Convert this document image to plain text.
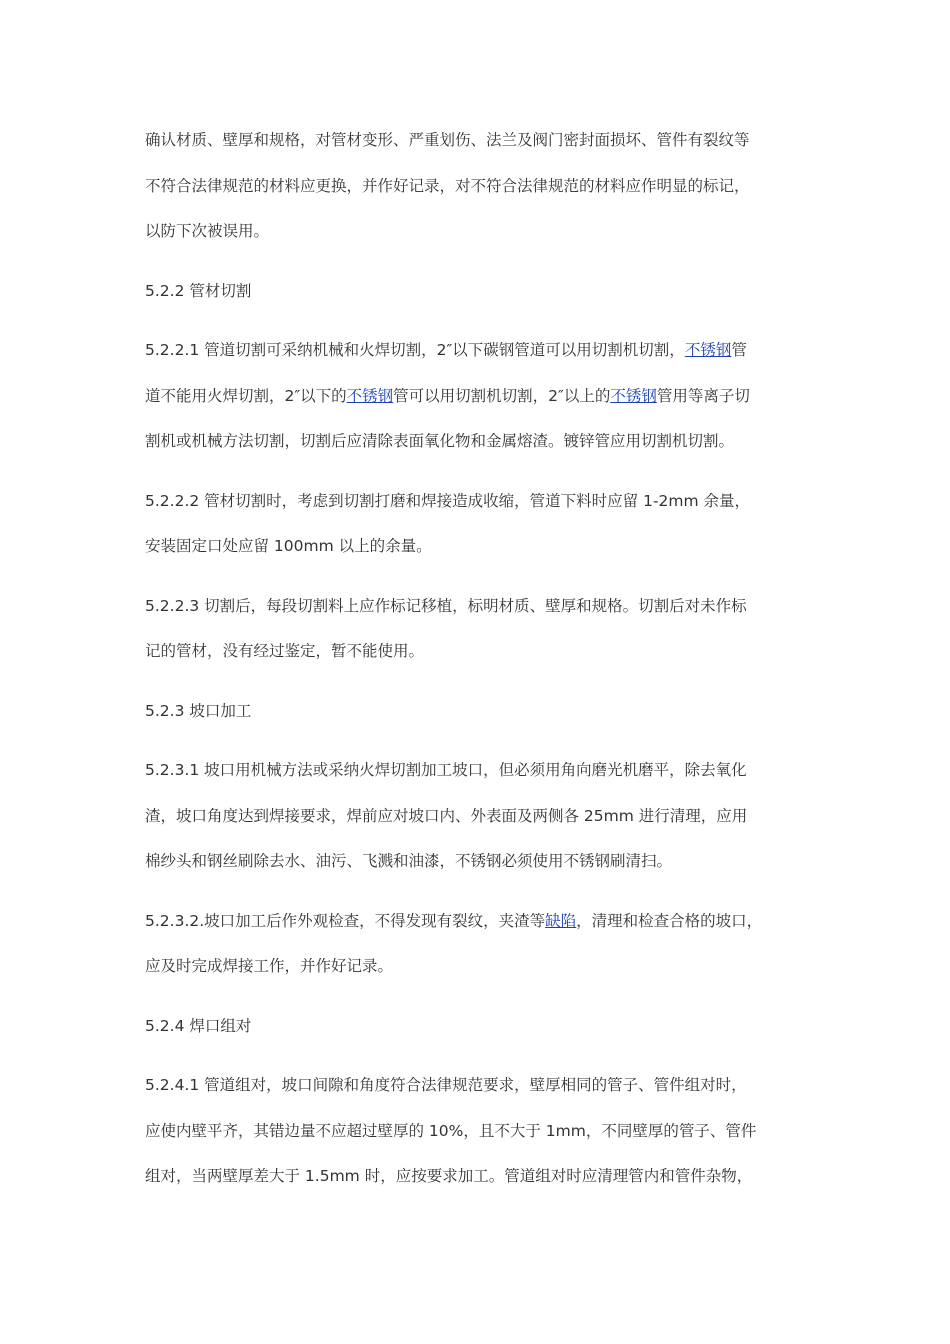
确认材质、壁厚和规格，对管材变形、严重划伤、法兰及阀门密封面损坏、管件有裂纹等
不符合法律规范的材料应更换，并作好记录，对不符合法律规范的材料应作明显的标记，
以防下次被误用。

5.2.2 管材切割

5.2.2.1 管道切割可采纳机械和火焊切割，2″以下碳钢管道可以用切割机切割，不锈钢管
道不能用火焊切割，2″以下的不锈钢管可以用切割机切割，2″以上的不锈钢管用等离子切
割机或机械方法切割，切割后应清除表面氧化物和金属熔渣。镀锌管应用切割机切割。

5.2.2.2 管材切割时，考虑到切割打磨和焊接造成收缩，管道下料时应留 1-2mm 余量，
安装固定口处应留 100mm 以上的余量。

5.2.2.3 切割后，每段切割料上应作标记移植，标明材质、壁厚和规格。切割后对未作标
记的管材，没有经过鉴定，暂不能使用。

5.2.3 坡口加工

5.2.3.1 坡口用机械方法或采纳火焊切割加工坡口，但必须用角向磨光机磨平，除去氧化
渣，坡口角度达到焊接要求，焊前应对坡口内、外表面及两侧各 25mm 进行清理，应用
棉纱头和钢丝刷除去水、油污、飞溅和油漆，不锈钢必须使用不锈钢刷清扫。

5.2.3.2.坡口加工后作外观检查，不得发现有裂纹，夹渣等缺陷，清理和检查合格的坡口，
应及时完成焊接工作，并作好记录。

5.2.4 焊口组对

5.2.4.1 管道组对，坡口间隙和角度符合法律规范要求，壁厚相同的管子、管件组对时，
应使内壁平齐，其错边量不应超过壁厚的 10%，且不大于 1mm，不同壁厚的管子、管件
组对，当两壁厚差大于 1.5mm 时，应按要求加工。管道组对时应清理管内和管件杂物，
